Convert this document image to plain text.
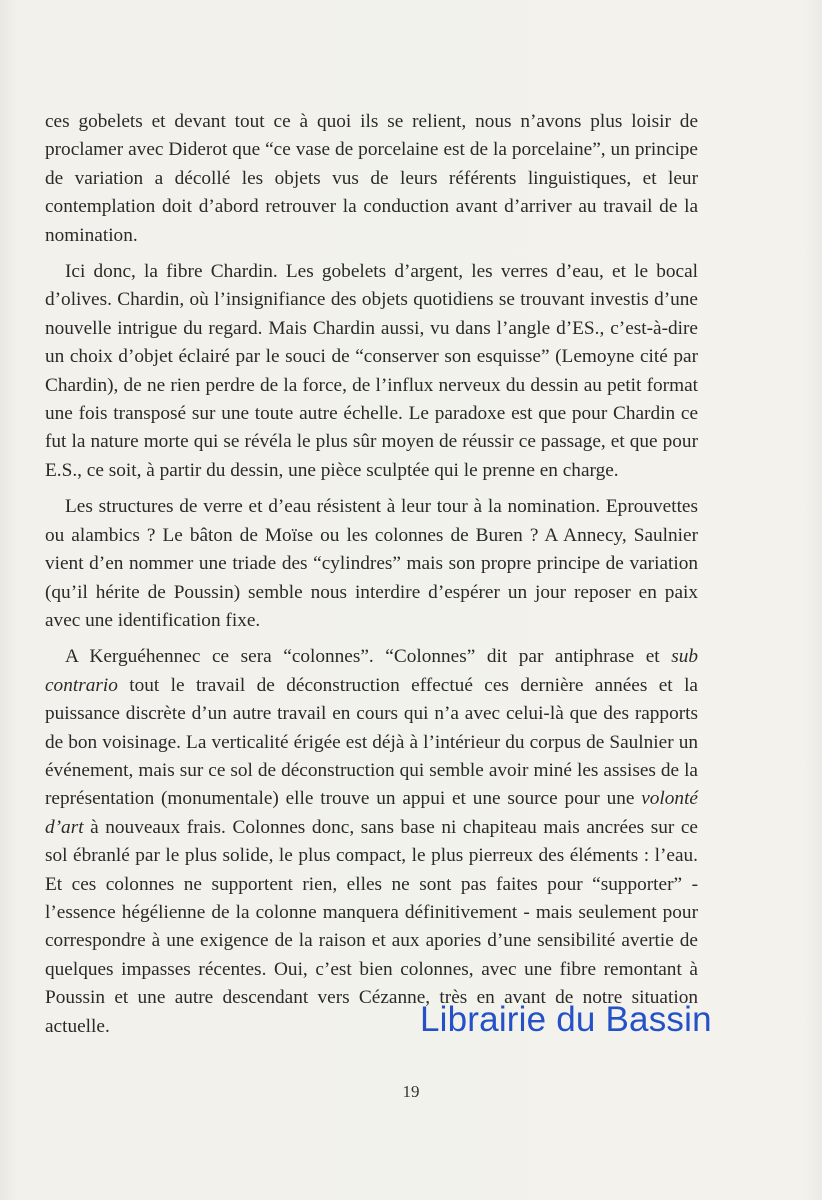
ces gobelets et devant tout ce à quoi ils se relient, nous n’avons plus loisir de proclamer avec Diderot que “ce vase de porcelaine est de la porcelaine”, un principe de variation a décollé les objets vus de leurs référents linguistiques, et leur contemplation doit d’abord retrouver la conduction avant d’arriver au travail de la nomination.

Ici donc, la fibre Chardin. Les gobelets d’argent, les verres d’eau, et le bocal d’olives. Chardin, où l’insignifiance des objets quotidiens se trouvant investis d’une nouvelle intrigue du regard. Mais Chardin aussi, vu dans l’angle d’ES., c’est-à-dire un choix d’objet éclairé par le souci de “conserver son esquisse” (Lemoyne cité par Chardin), de ne rien perdre de la force, de l’influx nerveux du dessin au petit format une fois transposé sur une toute autre échelle. Le paradoxe est que pour Chardin ce fut la nature morte qui se révéla le plus sûr moyen de réussir ce passage, et que pour E.S., ce soit, à partir du dessin, une pièce sculptée qui le prenne en charge.

Les structures de verre et d’eau résistent à leur tour à la nomination. Eprouvettes ou alambics ? Le bâton de Moïse ou les colonnes de Buren ? A Annecy, Saulnier vient d’en nommer une triade des “cylindres” mais son propre principe de variation (qu’il hérite de Poussin) semble nous interdire d’espérer un jour reposer en paix avec une identification fixe.

A Kerguéhennec ce sera “colonnes”. “Colonnes” dit par antiphrase et sub contrario tout le travail de déconstruction effectué ces dernière années et la puissance discrète d’un autre travail en cours qui n’a avec celui-là que des rapports de bon voisinage. La verticalité érigée est déjà à l’intérieur du corpus de Saulnier un événement, mais sur ce sol de déconstruction qui semble avoir miné les assises de la représentation (monumentale) elle trouve un appui et une source pour une volonté d’art à nouveaux frais. Colonnes donc, sans base ni chapiteau mais ancrées sur ce sol ébranlé par le plus solide, le plus compact, le plus pierreux des éléments : l’eau. Et ces colonnes ne supportent rien, elles ne sont pas faites pour “supporter” - l’essence hégélienne de la colonne manquera définitivement - mais seulement pour correspondre à une exigence de la raison et aux apories d’une sensibilité avertie de quelques impasses récentes. Oui, c’est bien colonnes, avec une fibre remontant à Poussin et une autre descendant vers Cézanne, très en avant de notre situation actuelle.	Librairie du Bassin
19
